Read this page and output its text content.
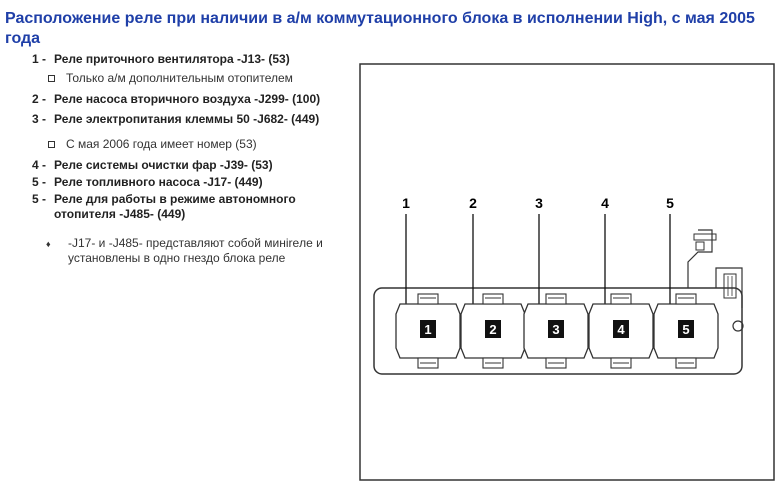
Расположение реле при наличии в а/м коммутационного блока в исполнении High, с мая 2005 года
1 - Реле приточного вентилятора -J13- (53)
Только а/м дополнительным отопителем
2 - Реле насоса вторичного воздуха -J299- (100)
3 - Реле электропитания клеммы 50 -J682- (449)
С мая 2006 года имеет номер (53)
4 - Реле системы очистки фар -J39- (53)
5 - Реле топливного насоса -J17- (449)
5 - Реле для работы в режиме автономного отопителя -J485- (449)
♦ -J17- и -J485- представляют собой минireле и установлены в одно гнездо блока реле
1	2	3	4	5
1	2	3	4	5
